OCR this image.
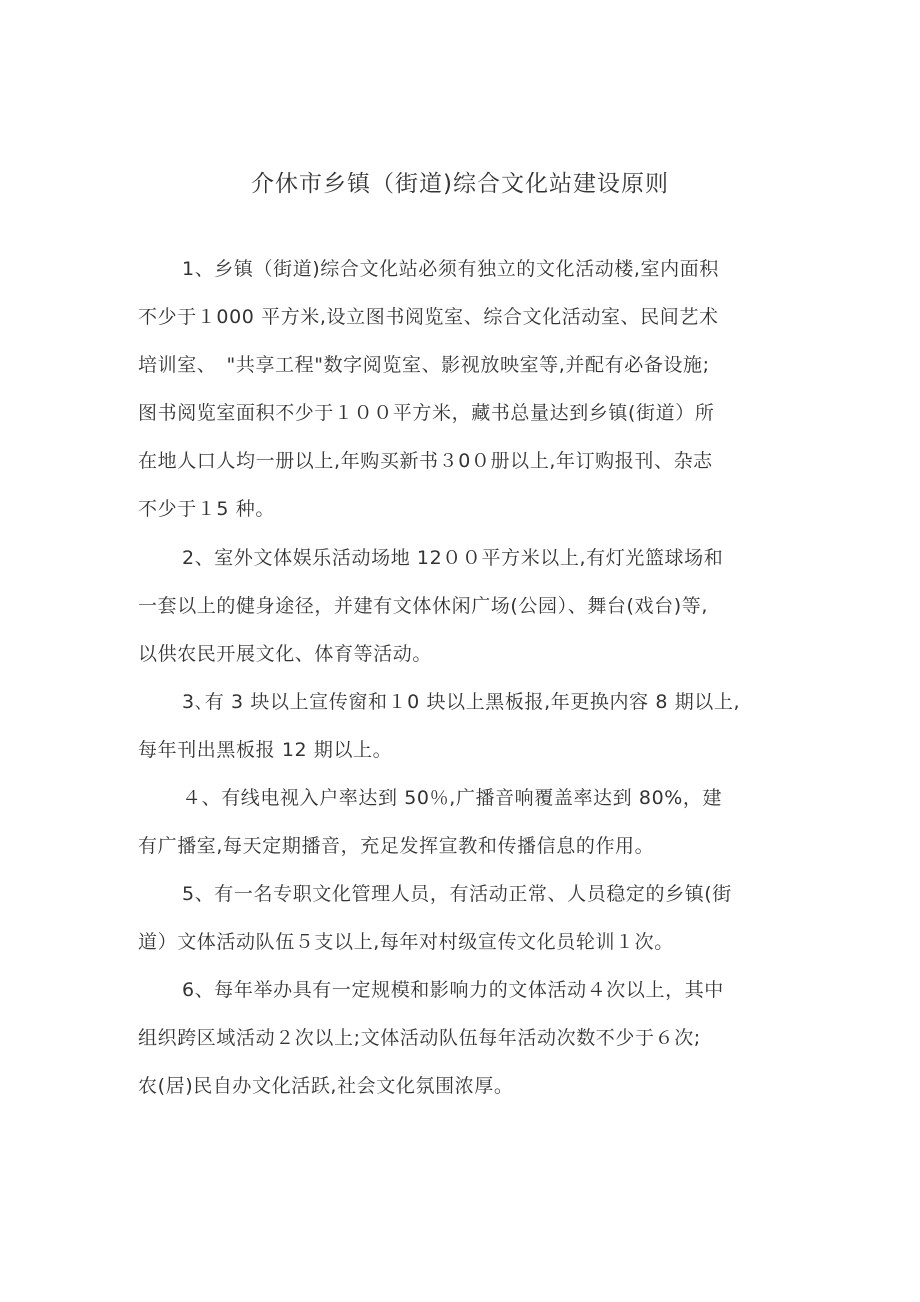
介休市乡镇（街道)综合文化站建设原则
1、乡镇（街道)综合文化站必须有独立的文化活动楼,室内面积
不少于１000 平方米,设立图书阅览室、综合文化活动室、民间艺术
培训室、　"共享工程"数字阅览室、影视放映室等,并配有必备设施;
图书阅览室面积不少于１００平方米，藏书总量达到乡镇(街道）所
在地人口人均一册以上,年购买新书３0０册以上,年订购报刊、杂志
不少于１5 种。
2、室外文体娱乐活动场地 12００平方米以上,有灯光篮球场和
一套以上的健身途径，并建有文体休闲广场(公园）、舞台(戏台)等,
以供农民开展文化、体育等活动。
3､有 3 块以上宣传窗和１0 块以上黑板报,年更换内容 8 期以上,
每年刊出黑板报 12 期以上。
４、有线电视入户率达到 50％,广播音响覆盖率达到 80%，建
有广播室,每天定期播音，充足发挥宣教和传播信息的作用。
5、有一名专职文化管理人员，有活动正常、人员稳定的乡镇(街
道）文体活动队伍５支以上,每年对村级宣传文化员轮训１次。
6、每年举办具有一定规模和影响力的文体活动４次以上，其中
组织跨区域活动２次以上;文体活动队伍每年活动次数不少于６次;
农(居)民自办文化活跃,社会文化氛围浓厚。
